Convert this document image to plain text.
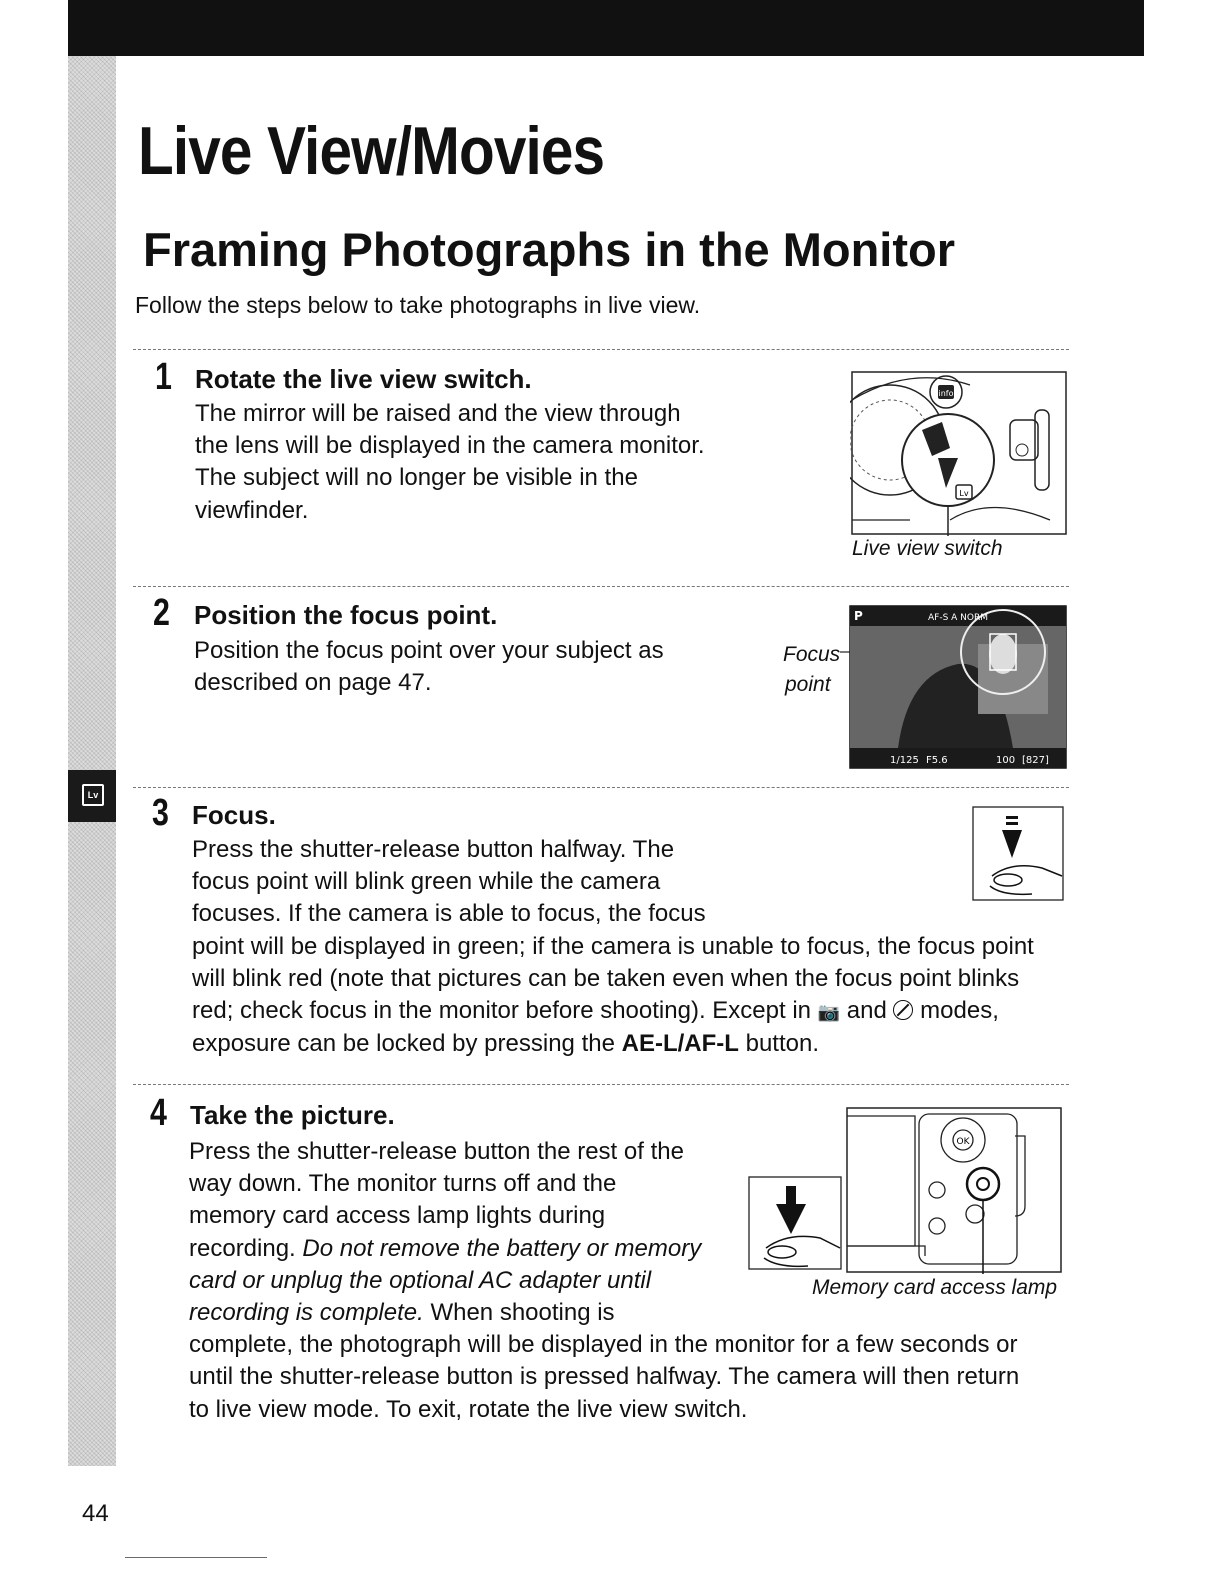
Lv
Live View/Movies
Framing Photographs in the Monitor

Follow the steps below to take photographs in live view.

1 Rotate the live view switch.

The mirror will be raised and the view through
the lens will be displayed in the camera monitor.
The subject will no longer be visible in the
viewfinder.
info
Lv
Live view switch
2 Position the focus point.

Position the focus point over your subject as
described on page 47.
Focus
point
P	AF-S A NORM
1/125 F5.6	100 [827]
3 Focus.

Press the shutter-release button halfway. The
focus point will blink green while the camera
focuses. If the camera is able to focus, the focus
point will be displayed in green; if the camera is unable to focus, the focus point
will blink red (note that pictures can be taken even when the focus point blinks
red; check focus in the monitor before shooting). Except in 📷 and modes,
exposure can be locked by pressing the AE-L/AF-L button.
4 Take the picture.

Press the shutter-release button the rest of the
way down. The monitor turns off and the
memory card access lamp lights during
recording. Do not remove the battery or memory
card or unplug the optional AC adapter until
recording is complete. When shooting is
complete, the photograph will be displayed in the monitor for a few seconds or
until the shutter-release button is pressed halfway. The camera will then return
to live view mode. To exit, rotate the live view switch.
OK
Memory card access lamp
44
